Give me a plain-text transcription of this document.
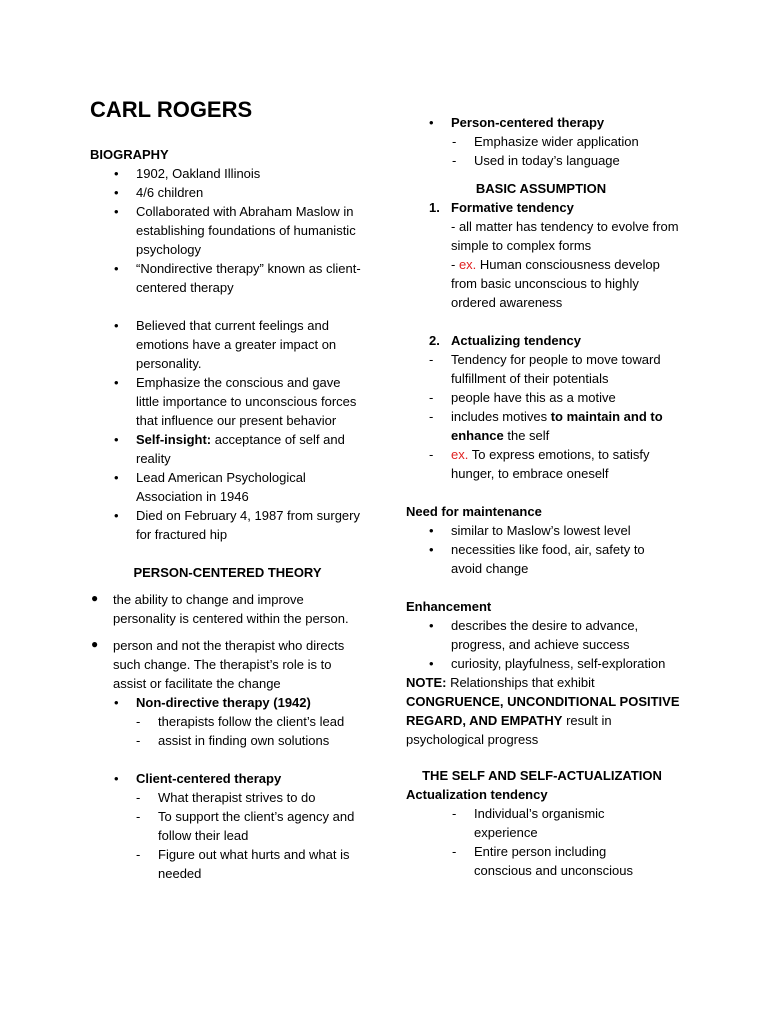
CARL ROGERS

BIOGRAPHY

• 1902, Oakland Illinois
• 4/6 children
• Collaborated with Abraham Maslow in establishing foundations of humanistic psychology
• “Nondirective therapy” known as client-centered therapy
• Believed that current feelings and emotions have a greater impact on personality.
• Emphasize the conscious and gave little importance to unconscious forces that influence our present behavior
• Self-insight: acceptance of self and reality
• Lead American Psychological Association in 1946
• Died on February 4, 1987 from surgery for fractured hip

PERSON-CENTERED THEORY

● the ability to change and improve personality is centered within the person.
● person and not the therapist who directs such change. The therapist’s role is to assist or facilitate the change
• Non-directive therapy (1942)
- therapists follow the client’s lead
- assist in finding own solutions
• Client-centered therapy
- What therapist strives to do
- To support the client’s agency and follow their lead
- Figure out what hurts and what is needed
• Person-centered therapy
- Emphasize wider application
- Used in today’s language

BASIC ASSUMPTION

1. Formative tendency

- all matter has tendency to evolve from simple to complex forms

- ex. Human consciousness develop from basic unconscious to highly ordered awareness

2. Actualizing tendency

- Tendency for people to move toward fulfillment of their potentials
- people have this as a motive
- includes motives to maintain and to enhance the self
- ex. To express emotions, to satisfy hunger, to embrace oneself

Need for maintenance

• similar to Maslow’s lowest level
• necessities like food, air, safety to avoid change

Enhancement

• describes the desire to advance, progress, and achieve success
• curiosity, playfulness, self-exploration

NOTE: Relationships that exhibit CONGRUENCE, UNCONDITIONAL POSITIVE REGARD, AND EMPATHY result in psychological progress

THE SELF AND SELF-ACTUALIZATION

Actualization tendency

- Individual’s organismic experience
- Entire person including conscious and unconscious
